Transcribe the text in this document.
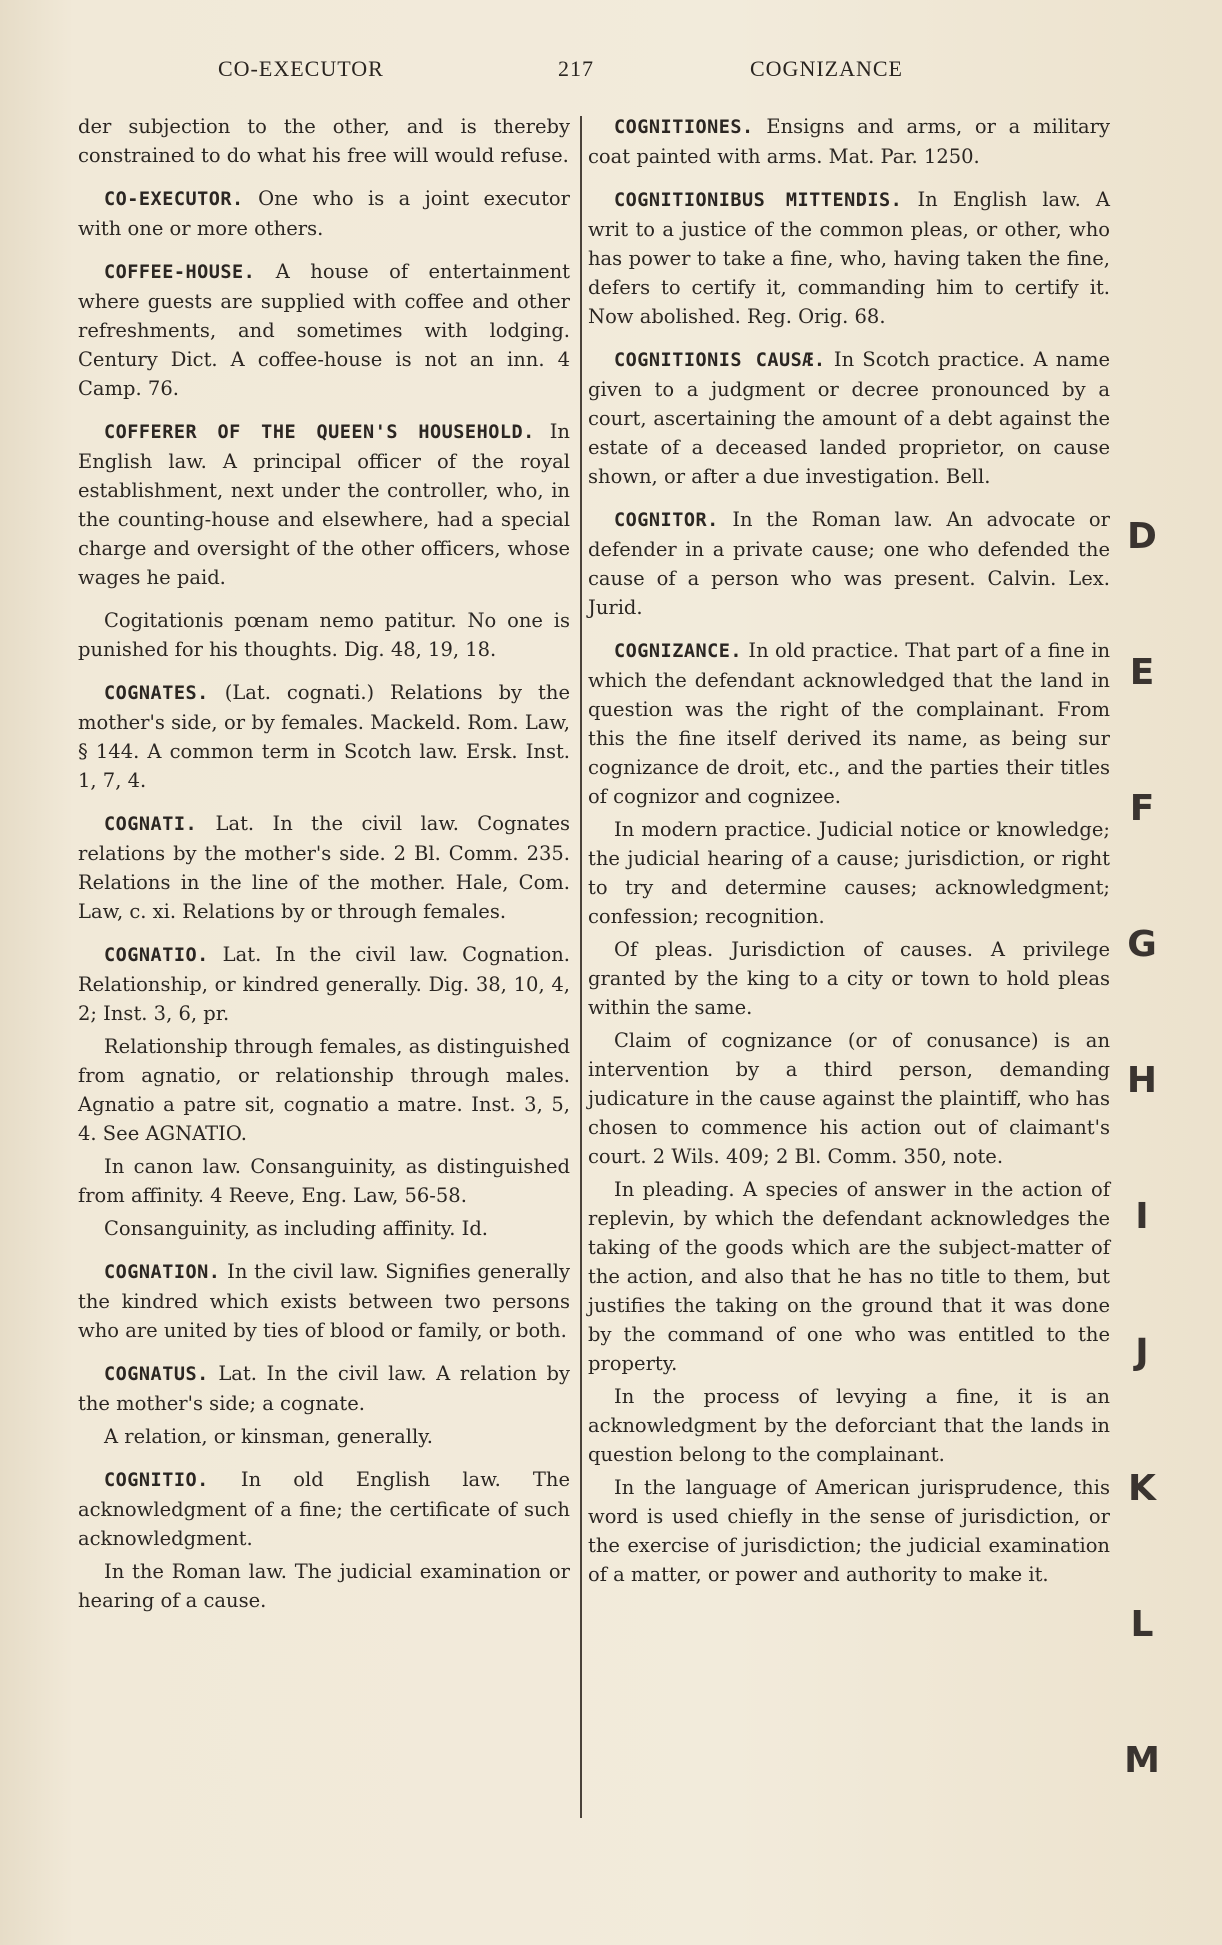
CO-EXECUTOR	217	COGNIZANCE

der subjection to the other, and is thereby constrained to do what his free will would refuse.

CO-EXECUTOR. One who is a joint executor with one or more others.

COFFEE-HOUSE. A house of entertainment where guests are supplied with coffee and other refreshments, and sometimes with lodging. Century Dict. A coffee-house is not an inn. 4 Camp. 76.

COFFERER OF THE QUEEN'S HOUSEHOLD. In English law. A principal officer of the royal establishment, next under the controller, who, in the counting-house and elsewhere, had a special charge and oversight of the other officers, whose wages he paid.

Cogitationis pœnam nemo patitur. No one is punished for his thoughts. Dig. 48, 19, 18.

COGNATES. (Lat. cognati.) Relations by the mother's side, or by females. Mackeld. Rom. Law, § 144. A common term in Scotch law. Ersk. Inst. 1, 7, 4.

COGNATI. Lat. In the civil law. Cognates relations by the mother's side. 2 Bl. Comm. 235. Relations in the line of the mother. Hale, Com. Law, c. xi. Relations by or through females.

COGNATIO. Lat. In the civil law. Cognation. Relationship, or kindred generally. Dig. 38, 10, 4, 2; Inst. 3, 6, pr.

Relationship through females, as distinguished from agnatio, or relationship through males. Agnatio a patre sit, cognatio a matre. Inst. 3, 5, 4. See AGNATIO.

In canon law. Consanguinity, as distinguished from affinity. 4 Reeve, Eng. Law, 56-58.

Consanguinity, as including affinity. Id.

COGNATION. In the civil law. Signifies generally the kindred which exists between two persons who are united by ties of blood or family, or both.

COGNATUS. Lat. In the civil law. A relation by the mother's side; a cognate.

A relation, or kinsman, generally.

COGNITIO. In old English law. The acknowledgment of a fine; the certificate of such acknowledgment.

In the Roman law. The judicial examination or hearing of a cause.

COGNITIONES. Ensigns and arms, or a military coat painted with arms. Mat. Par. 1250.

COGNITIONIBUS MITTENDIS. In English law. A writ to a justice of the common pleas, or other, who has power to take a fine, who, having taken the fine, defers to certify it, commanding him to certify it. Now abolished. Reg. Orig. 68.

COGNITIONIS CAUSÆ. In Scotch practice. A name given to a judgment or decree pronounced by a court, ascertaining the amount of a debt against the estate of a deceased landed proprietor, on cause shown, or after a due investigation. Bell.

COGNITOR. In the Roman law. An advocate or defender in a private cause; one who defended the cause of a person who was present. Calvin. Lex. Jurid.

COGNIZANCE. In old practice. That part of a fine in which the defendant acknowledged that the land in question was the right of the complainant. From this the fine itself derived its name, as being sur cognizance de droit, etc., and the parties their titles of cognizor and cognizee.

In modern practice. Judicial notice or knowledge; the judicial hearing of a cause; jurisdiction, or right to try and determine causes; acknowledgment; confession; recognition.

Of pleas. Jurisdiction of causes. A privilege granted by the king to a city or town to hold pleas within the same.

Claim of cognizance (or of conusance) is an intervention by a third person, demanding judicature in the cause against the plaintiff, who has chosen to commence his action out of claimant's court. 2 Wils. 409; 2 Bl. Comm. 350, note.

In pleading. A species of answer in the action of replevin, by which the defendant acknowledges the taking of the goods which are the subject-matter of the action, and also that he has no title to them, but justifies the taking on the ground that it was done by the command of one who was entitled to the property.

In the process of levying a fine, it is an acknowledgment by the deforciant that the lands in question belong to the complainant.

In the language of American jurisprudence, this word is used chiefly in the sense of jurisdiction, or the exercise of jurisdiction; the judicial examination of a matter, or power and authority to make it.

D
E
F
G
H
I
J
K
L
M
